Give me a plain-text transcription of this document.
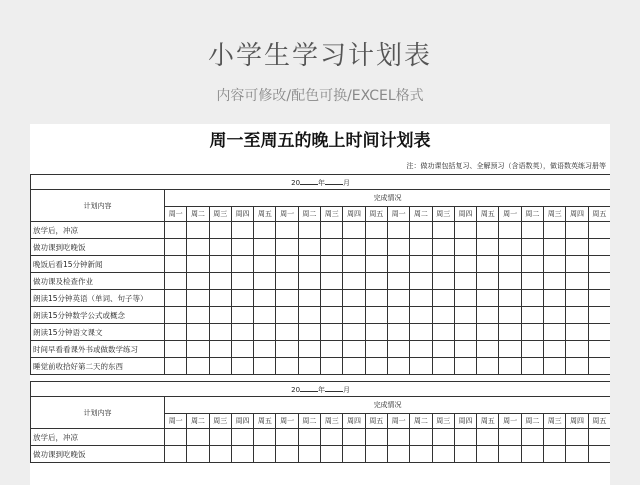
小学生学习计划表
内容可修改/配色可换/EXCEL格式
周一至周五的晚上时间计划表
注：做功课包括复习、全解预习（含语数英），做语数英练习册等
20 年 月																				
计划内容	完成情况																			
	周一	周二	周三	周四	周五	周一	周二	周三	周四	周五	周一	周二	周三	周四	周五	周一	周二	周三	周四	周五
放学后，冲凉																				
做功课到吃晚饭																				
晚饭后看15分钟新闻																				
做功课及检查作业																				
朗读15分钟英语（单词、句子等）																				
朗读15分钟数学公式或概念																				
朗读15分钟语文课文																				
时间早看看课外书或做数学练习																				
睡觉前收拾好第二天的东西																				
20 年 月																				
计划内容	完成情况																			
	周一	周二	周三	周四	周五	周一	周二	周三	周四	周五	周一	周二	周三	周四	周五	周一	周二	周三	周四	周五
放学后，冲凉																				
做功课到吃晚饭																				
